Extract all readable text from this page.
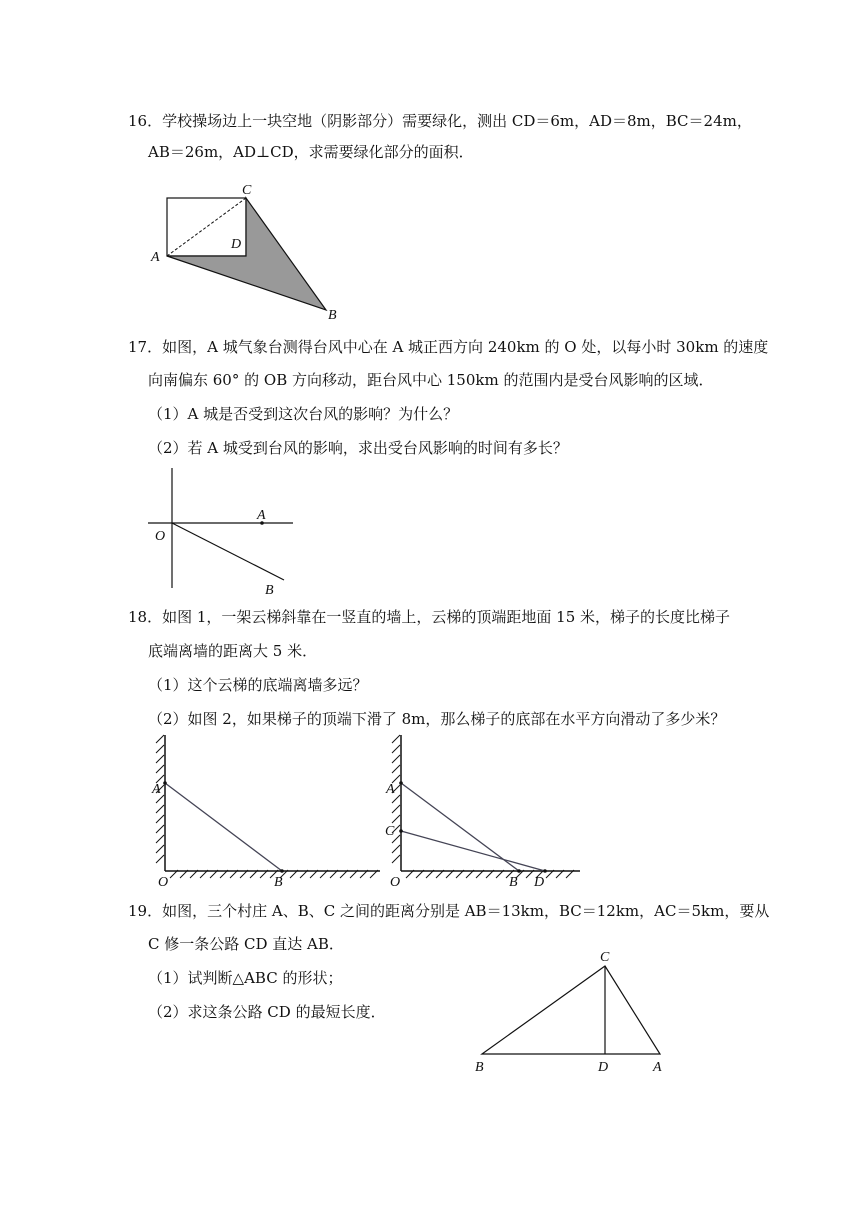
16．学校操场边上一块空地（阴影部分）需要绿化，测出 CD＝6m，AD＝8m，BC＝24m，
AB＝26m，AD⊥CD，求需要绿化部分的面积．
C
D
A
B
17．如图，A 城气象台测得台风中心在 A 城正西方向 240km 的 O 处，以每小时 30km 的速度
向南偏东 60° 的 OB 方向移动，距台风中心 150km 的范围内是受台风影响的区域．
（1）A 城是否受到这次台风的影响？为什么？
（2）若 A 城受到台风的影响，求出受台风影响的时间有多长？
A
O
B
18．如图 1，一架云梯斜靠在一竖直的墙上，云梯的顶端距地面 15 米，梯子的长度比梯子
底端离墙的距离大 5 米．
（1）这个云梯的底端离墙多远？
（2）如图 2，如果梯子的顶端下滑了 8m，那么梯子的底部在水平方向滑动了多少米？
A
O	B
A
C
O	B D
19．如图，三个村庄 A、B、C 之间的距离分别是 AB＝13km，BC＝12km，AC＝5km，要从
C 修一条公路 CD 直达 AB．
（1）试判断△ABC 的形状；
（2）求这条公路 CD 的最短长度．
C
B	D	A
